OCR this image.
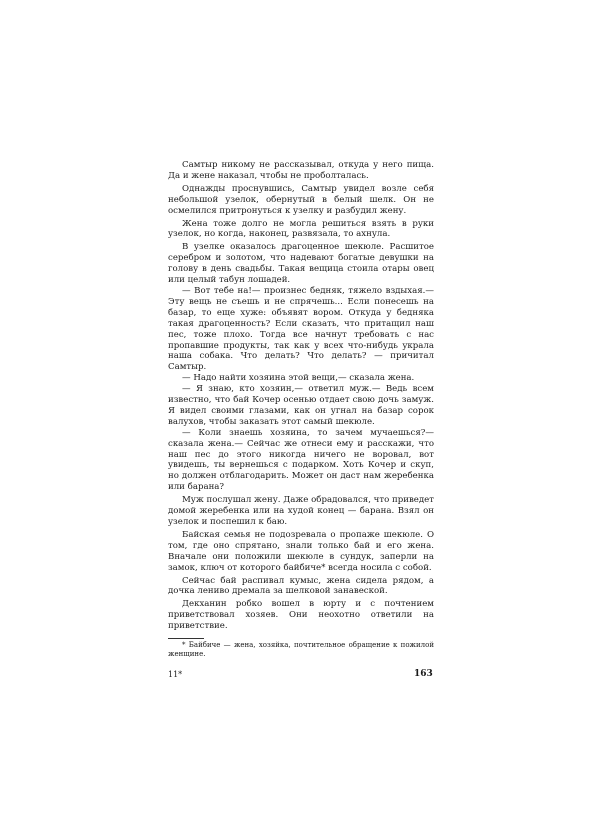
Самтыр никому не рассказывал, откуда у него пища. Да и жене наказал, чтобы не проболталась.

Однажды проснувшись, Самтыр увидел возле себя небольшой узелок, обернутый в белый шелк. Он не осмелился притронуться к узелку и разбудил жену.

Жена тоже долго не могла решиться взять в руки узелок, но когда, наконец, развязала, то ахнула.

В узелке оказалось драгоценное шекюле. Расшитое серебром и золотом, что надевают богатые девушки на голову в день свадьбы. Такая вещица стоила отары овец или целый табун лошадей.

— Вот тебе на!— произнес бедняк, тяжело вздыхая.— Эту вещь не съешь и не спрячешь... Если понесешь на базар, то еще хуже: объявят вором. Откуда у бедняка такая драгоценность? Если сказать, что притащил наш пес, тоже плохо. Тогда все начнут требовать с нас пропавшие продукты, так как у всех что-нибудь украла наша собака. Что делать? Что делать? — причитал Самтыр.

— Надо найти хозяина этой вещи,— сказала жена.

— Я знаю, кто хозяин,— ответил муж.— Ведь всем известно, что бай Кочер осенью отдает свою дочь замуж. Я видел своими глазами, как он угнал на базар сорок валухов, чтобы заказать этот самый шекюле.

— Коли знаешь хозяина, то зачем мучаешься?— сказала жена.— Сейчас же отнеси ему и расскажи, что наш пес до этого никогда ничего не воровал, вот увидешь, ты вернешься с подарком. Хоть Кочер и скуп, но должен отблагодарить. Может он даст нам жеребенка или барана?

Муж послушал жену. Даже обрадовался, что приведет домой жеребенка или на худой конец — барана. Взял он узелок и поспешил к баю.

Байская семья не подозревала о пропаже шекюле. О том, где оно спрятано, знали только бай и его жена. Вначале они положили шекюле в сундук, заперли на замок, ключ от которого байбиче* всегда носила с собой.

Сейчас бай распивал кумыс, жена сидела рядом, а дочка лениво дремала за шелковой занавеской.

Декханин робко вошел в юрту и с почтением приветствовал хозяев. Они неохотно ответили на приветствие.

* Байбиче — жена, хозяйка, почтительное обращение к пожилой женщине.
11*	163
